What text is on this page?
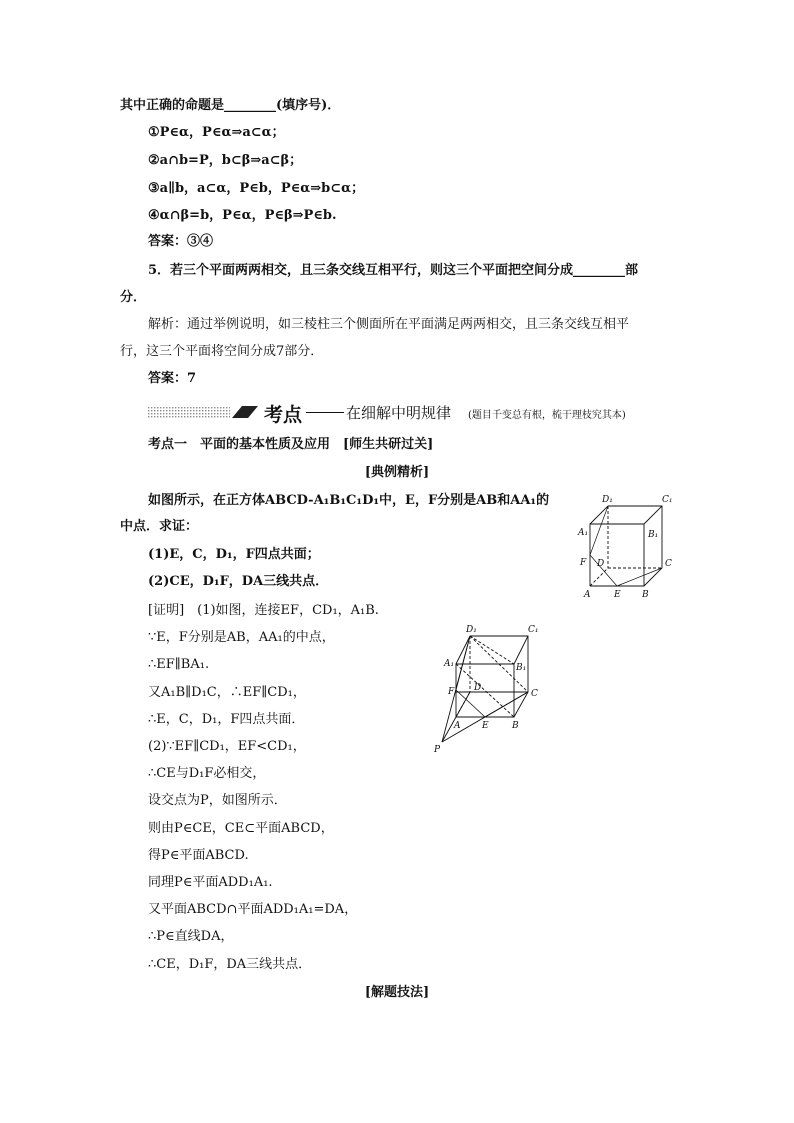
其中正确的命题是________(填序号)．
①P∈α，P∈α⇒a⊂α；
②a∩b=P，b⊂β⇒a⊂β；
③a∥b，a⊂α，P∈b，P∈α⇒b⊂α；
④α∩β=b，P∈α，P∈β⇒P∈b.
答案：③④
5．若三个平面两两相交，且三条交线互相平行，则这三个平面把空间分成________部
分．
解析：通过举例说明，如三棱柱三个侧面所在平面满足两两相交，且三条交线互相平
行，这三个平面将空间分成7部分．
答案：7
考点	在细解中明规律 (题目千变总有根，梳干理枝究其本)
考点一　平面的基本性质及应用　[师生共研过关]
[典例精析]
如图所示，在正方体ABCD-A₁B₁C₁D₁中，E，F分别是AB和AA₁的
中点．求证：
(1)E，C，D₁，F四点共面；
(2)CE，D₁F，DA三线共点．
D₁	C₁
A₁	B₁
F D	C
A	E B
[证明]　(1)如图，连接EF，CD₁，A₁B.
∵E，F分别是AB，AA₁的中点，
∴EF∥BA₁.
又A₁B∥D₁C，∴EF∥CD₁，
∴E，C，D₁，F四点共面．
(2)∵EF∥CD₁，EF<CD₁，
∴CE与D₁F必相交，
设交点为P，如图所示．
则由P∈CE，CE⊂平面ABCD，
得P∈平面ABCD.
同理P∈平面ADD₁A₁.
又平面ABCD∩平面ADD₁A₁=DA，
∴P∈直线DA，
∴CE，D₁F，DA三线共点．
D₁	C₁
A₁	B₁
F D
C
A E	B
P
[解题技法]
